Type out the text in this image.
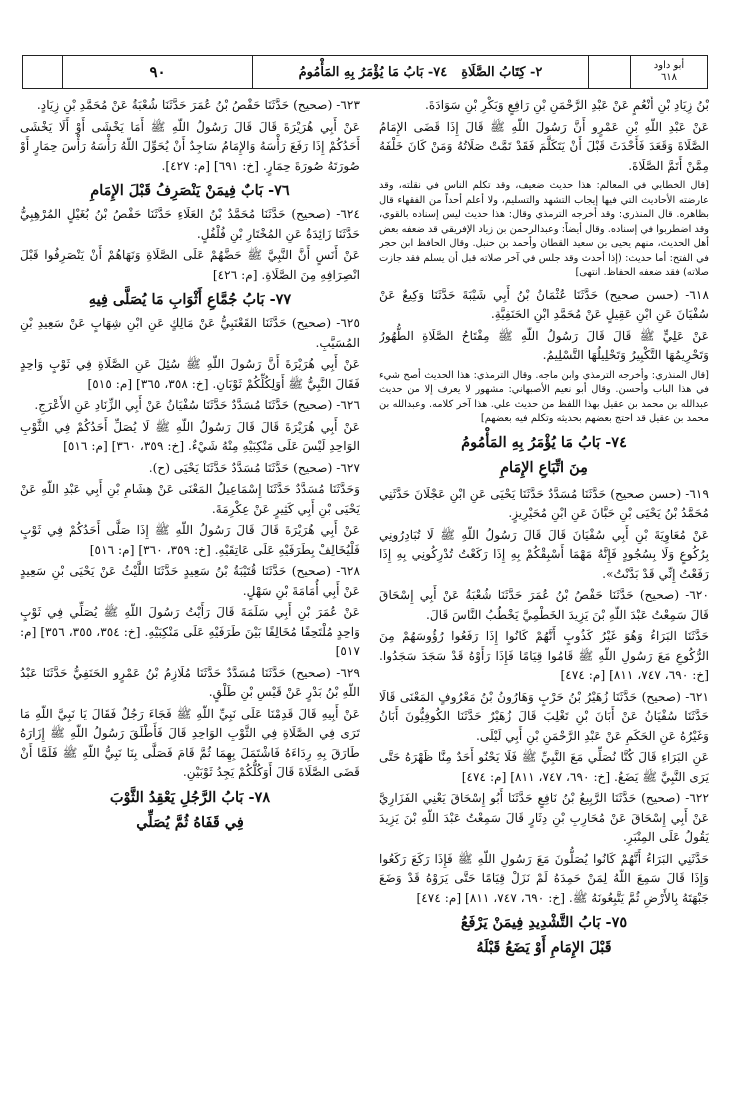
٩٠	٢- كِتَابُ الصَّلَاةِ
٧٤- بَابُ مَا يُؤْمَرُ بِهِ المَأْمُومُ	أبو داود
٦١٨

بْنُ زِيَادِ بْنِ أَنْعُمٍ عَنْ عَبْدِ الرَّحْمَنِ بْنِ رَافِعٍ وَبَكْرِ بْنِ سَوَادَةَ.

عَنْ عَبْدِ اللّهِ بْنِ عَمْرٍو أَنَّ رَسُولَ اللّهِ ﷺ قَالَ إِذَا قَضَى الإِمَامُ الصَّلَاةَ وَقَعَدَ فَأَحْدَثَ قَبْلَ أَنْ يَتَكَلَّمَ فَقَدْ تَمَّتْ صَلَاتُهُ وَمَنْ كَانَ خَلْفَهُ مِمَّنْ أَتَمَّ الصَّلَاةَ.

[قال الخطابي في المعالم: هذا حديث ضعيف، وقد تكلم الناس في نقلته، وقد عارضته الأحاديث التي فيها إيجاب التشهد والتسليم، ولا أعلم أحداً من الفقهاء قال بظاهره. قال المنذري: وقد أخرجه الترمذي وقال: هذا حديث ليس إسناده بالقوي، وقد اضطربوا في إسناده. وقال أيضاً: وعبدالرحمن بن زياد الإفريقي قد ضعفه بعض أهل الحديث، منهم يحيى بن سعيد القطان وأحمد بن حنبل. وقال الحافظ ابن حجر في الفتح: أما حديث: (إذا أحدث وقد جلس في آخر صلاته قبل أن يسلم فقد جازت صلاته) فقد ضعفه الحفاظ. انتهى]

٦١٨- (حسن صحيح) حَدَّثَنَا عُثْمَانُ بْنُ أَبِي شَيْبَةَ حَدَّثَنَا وَكِيعٌ عَنْ سُفْيَانَ عَنِ ابْنِ عَقِيلٍ عَنْ مُحَمَّدِ ابْنِ الحَنَفِيَّةِ.

عَنْ عَلِيٍّ ﷺ قَالَ قَالَ رَسُولُ اللّهِ ﷺ مِفْتَاحُ الصَّلَاةِ الطُّهُورُ وَتَحْرِيمُهَا التَّكْبِيرُ وَتَحْلِيلُهَا التَّسْلِيمُ.

[قال المنذري: وأخرجه الترمذي وابن ماجه. وقال الترمذي: هذا الحديث أصح شيء في هذا الباب وأحسن. وقال أبو نعيم الأصبهاني: مشهور لا يعرف إلا من حديث عبدالله بن محمد بن عقيل بهذا اللفظ من حديث علي. هذا آخر كلامه. وعبدالله بن محمد بن عقيل قد احتج بعضهم بحديثه وتكلم فيه بعضهم]

٧٤- بَابُ مَا يُؤْمَرُ بِهِ المَأْمُومُ

مِنَ اتِّبَاعِ الإِمَامِ

٦١٩- (حسن صحيح) حَدَّثَنَا مُسَدَّدٌ حَدَّثَنَا يَحْيَى عَنِ ابْنِ عَجْلَانَ حَدَّثَنِي مُحَمَّدُ بْنُ يَحْيَى بْنِ حَبَّانَ عَنِ ابْنِ مُحَيْرِيزٍ.

عَنْ مُعَاوِيَةَ بْنِ أَبِي سُفْيَانَ قَالَ قَالَ رَسُولُ اللّهِ ﷺ لَا تُبَادِرُونِي بِرُكُوعٍ وَلَا بِسُجُودٍ فَإِنَّهُ مَهْمَا أَسْبِقْكُمْ بِهِ إِذَا رَكَعْتُ تُدْرِكُونِي بِهِ إِذَا رَفَعْتُ إِنِّي قَدْ بَدَّنْتُ».

٦٢٠- (صحيح) حَدَّثَنَا حَفْصُ بْنُ عُمَرَ حَدَّثَنَا شُعْبَةُ عَنْ أَبِي إِسْحَاقَ قَالَ سَمِعْتُ عَبْدَ اللّهِ بْنَ يَزِيدَ الخَطْمِيَّ يَخْطُبُ النَّاسَ قَالَ.

حَدَّثَنَا البَرَاءُ وَهُوَ غَيْرُ كَذُوبٍ أَنَّهُمْ كَانُوا إِذَا رَفَعُوا رُؤُوسَهُمْ مِنَ الرُّكُوعِ مَعَ رَسُولِ اللّهِ ﷺ قَامُوا قِيَامًا فَإِذَا رَأَوْهُ قَدْ سَجَدَ سَجَدُوا. [خ: ٦٩٠، ٧٤٧، ٨١١] [م: ٤٧٤]

٦٢١- (صحيح) حَدَّثَنَا زُهَيْرُ بْنُ حَرْبٍ وَهَارُونُ بْنُ مَعْرُوفٍ المَعْنَى قَالَا حَدَّثَنَا سُفْيَانُ عَنْ أَبَانَ بْنِ تَغْلِبَ قَالَ زُهَيْرٌ حَدَّثَنَا الكُوفِيُّونَ أَبَانُ وَغَيْرُهُ عَنِ الحَكَمِ عَنْ عَبْدِ الرَّحْمَنِ بْنِ أَبِي لَيْلَى.

عَنِ البَرَاءِ قَالَ كُنَّا نُصَلِّي مَعَ النَّبِيِّ ﷺ فَلَا يَحْنُو أَحَدٌ مِنَّا ظَهْرَهُ حَتَّى يَرَى النَّبِيَّ ﷺ يَضَعُ. [خ: ٦٩٠، ٧٤٧، ٨١١] [م: ٤٧٤]

٦٢٢- (صحيح) حَدَّثَنَا الرَّبِيعُ بْنُ نَافِعٍ حَدَّثَنَا أَبُو إِسْحَاقَ يَعْنِي الفَزَارِيَّ عَنْ أَبِي إِسْحَاقَ عَنْ مُحَارِبِ بْنِ دِثَارٍ قَالَ سَمِعْتُ عَبْدَ اللّهِ بْنَ يَزِيدَ يَقُولُ عَلَى المِنْبَرِ.

حَدَّثَنِي البَرَاءُ أَنَّهُمْ كَانُوا يُصَلُّونَ مَعَ رَسُولِ اللّهِ ﷺ فَإِذَا رَكَعَ رَكَعُوا وَإِذَا قَالَ سَمِعَ اللّهُ لِمَنْ حَمِدَهُ لَمْ نَزَلْ قِيَامًا حَتَّى يَرَوْهُ قَدْ وَضَعَ جَبْهَتَهُ بِالأَرْضِ ثُمَّ يَتَّبِعُونَهُ ﷺ. [خ: ٦٩٠، ٧٤٧، ٨١١] [م: ٤٧٤]

٧٥- بَابُ التَّشْدِيدِ فِيمَنْ يَرْفَعُ

قَبْلَ الإِمَامِ أَوْ يَضَعُ قَبْلَهُ

٦٢٣- (صحيح) حَدَّثَنَا حَفْصُ بْنُ عُمَرَ حَدَّثَنَا شُعْبَةُ عَنْ مُحَمَّدِ بْنِ زِيَادٍ.

عَنْ أَبِي هُرَيْرَةَ قَالَ قَالَ رَسُولُ اللّهِ ﷺ أَمَا يَخْشَى أَوْ أَلَا يَخْشَى أَحَدُكُمْ إِذَا رَفَعَ رَأْسَهُ وَالإِمَامُ سَاجِدٌ أَنْ يُحَوِّلَ اللّهُ رَأْسَهُ رَأْسَ حِمَارٍ أَوْ صُورَتَهُ صُورَةَ حِمَارٍ. [خ: ٦٩١] [م: ٤٢٧].

٧٦- بَابٌ فِيمَنْ يَنْصَرِفُ قَبْلَ الإِمَامِ

٦٢٤- (صحيح) حَدَّثَنَا مُحَمَّدُ بْنُ العَلَاءِ حَدَّثَنَا حَفْصُ بْنُ بُغَيْلٍ المُرْهِبِيُّ حَدَّثَنَا زَائِدَةُ عَنِ المُخْتَارِ بْنِ فُلْفُلٍ.

عَنْ أَنَسٍ أَنَّ النَّبِيَّ ﷺ حَضَّهُمْ عَلَى الصَّلَاةِ وَنَهَاهُمْ أَنْ يَنْصَرِفُوا قَبْلَ انْصِرَافِهِ مِنَ الصَّلَاةِ. [م: ٤٢٦]

٧٧- بَابُ جُمَّاعِ أَثْوَابِ مَا يُصَلَّى فِيهِ

٦٢٥- (صحيح) حَدَّثَنَا القَعْنَبِيُّ عَنْ مَالِكٍ عَنِ ابْنِ شِهَابٍ عَنْ سَعِيدِ بْنِ المُسَيَّبِ.

عَنْ أَبِي هُرَيْرَةَ أَنَّ رَسُولَ اللّهِ ﷺ سُئِلَ عَنِ الصَّلَاةِ فِي ثَوْبٍ وَاحِدٍ فَقَالَ النَّبِيُّ ﷺ أَوَلِكُلِّكُمْ ثَوْبَانِ. [خ: ٣٥٨، ٣٦٥] [م: ٥١٥]

٦٢٦- (صحيح) حَدَّثَنَا مُسَدَّدٌ حَدَّثَنَا سُفْيَانُ عَنْ أَبِي الزِّنَادِ عَنِ الأَعْرَجِ.

عَنْ أَبِي هُرَيْرَةَ قَالَ قَالَ رَسُولُ اللّهِ ﷺ لَا يُصَلِّ أَحَدُكُمْ فِي الثَّوْبِ الوَاحِدِ لَيْسَ عَلَى مَنْكِبَيْهِ مِنْهُ شَيْءٌ. [خ: ٣٥٩، ٣٦٠] [م: ٥١٦]

٦٢٧- (صحيح) حَدَّثَنَا مُسَدَّدٌ حَدَّثَنَا يَحْيَى (ح).

وَحَدَّثَنَا مُسَدَّدٌ حَدَّثَنَا إِسْمَاعِيلُ المَعْنَى عَنْ هِشَامِ بْنِ أَبِي عَبْدِ اللّهِ عَنْ يَحْيَى بْنِ أَبِي كَثِيرٍ عَنْ عِكْرِمَةَ.

عَنْ أَبِي هُرَيْرَةَ قَالَ قَالَ رَسُولُ اللّهِ ﷺ إِذَا صَلَّى أَحَدُكُمْ فِي ثَوْبٍ فَلْيُخَالِفْ بِطَرَفَيْهِ عَلَى عَاتِقَيْهِ. [خ: ٣٥٩، ٣٦٠] [م: ٥١٦]

٦٢٨- (صحيح) حَدَّثَنَا قُتَيْبَةُ بْنُ سَعِيدٍ حَدَّثَنَا اللَّيْثُ عَنْ يَحْيَى بْنِ سَعِيدٍ عَنْ أَبِي أُمَامَةَ بْنِ سَهْلٍ.

عَنْ عُمَرَ بْنِ أَبِي سَلَمَةَ قَالَ رَأَيْتُ رَسُولَ اللّهِ ﷺ يُصَلِّي فِي ثَوْبٍ وَاحِدٍ مُلْتَحِفًا مُخَالِفًا بَيْنَ طَرَفَيْهِ عَلَى مَنْكِبَيْهِ. [خ: ٣٥٤، ٣٥٥، ٣٥٦] [م: ٥١٧]

٦٢٩- (صحيح) حَدَّثَنَا مُسَدَّدٌ حَدَّثَنَا مُلَازِمُ بْنُ عَمْرٍو الحَنَفِيُّ حَدَّثَنَا عَبْدُ اللّهِ بْنُ بَدْرٍ عَنْ قَيْسِ بْنِ طَلْقٍ.

عَنْ أَبِيهِ قَالَ قَدِمْنَا عَلَى نَبِيِّ اللّهِ ﷺ فَجَاءَ رَجُلٌ فَقَالَ يَا نَبِيَّ اللّهِ مَا تَرَى فِي الصَّلَاةِ فِي الثَّوْبِ الوَاحِدِ قَالَ فَأَطْلَقَ رَسُولُ اللّهِ ﷺ إِزَارَهُ طَارَقَ بِهِ رِدَاءَهُ فَاشْتَمَلَ بِهِمَا ثُمَّ قَامَ فَصَلَّى بِنَا نَبِيُّ اللّهِ ﷺ فَلَمَّا أَنْ قَضَى الصَّلَاةَ قَالَ أَوَكُلُّكُمْ يَجِدُ ثَوْبَيْنِ.

٧٨- بَابُ الرَّجُلِ يَعْقِدُ الثَّوْبَ

فِي قَفَاهُ ثُمَّ يُصَلِّي
